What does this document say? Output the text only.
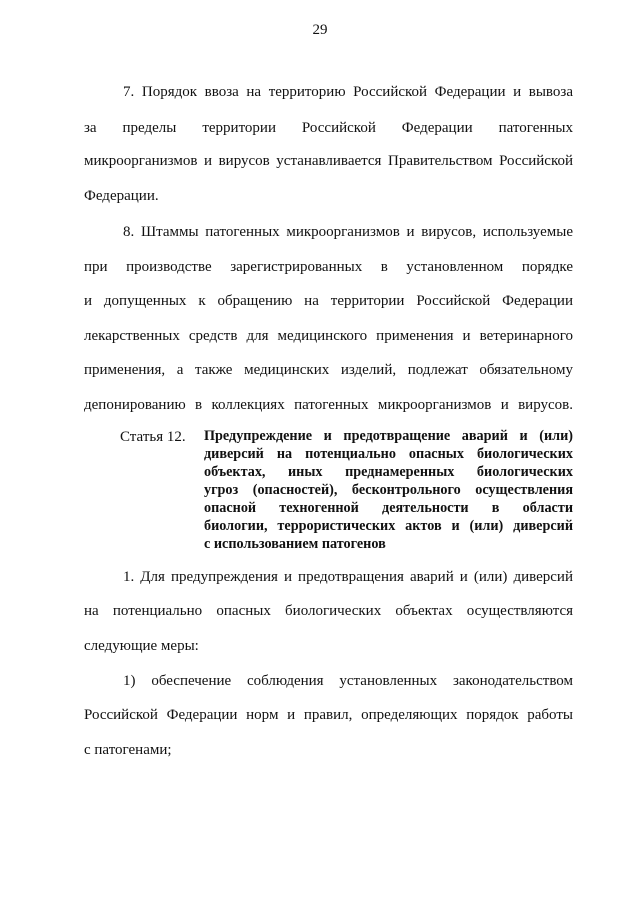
29
7. Порядок ввоза на территорию Российской Федерации и вывоза
за пределы территории Российской Федерации патогенных
микроорганизмов и вирусов устанавливается Правительством Российской
Федерации.
8. Штаммы патогенных микроорганизмов и вирусов, используемые
при производстве зарегистрированных в установленном порядке
и допущенных к обращению на территории Российской Федерации
лекарственных средств для медицинского применения и ветеринарного
применения, а также медицинских изделий, подлежат обязательному
депонированию в коллекциях патогенных микроорганизмов и вирусов.
Статья 12. Предупреждение и предотвращение аварий и (или)
диверсий на потенциально опасных биологических
объектах, иных преднамеренных биологических
угроз (опасностей), бесконтрольного осуществления
опасной техногенной деятельности в области
биологии, террористических актов и (или) диверсий
с использованием патогенов
1. Для предупреждения и предотвращения аварий и (или) диверсий
на потенциально опасных биологических объектах осуществляются
следующие меры:
1) обеспечение соблюдения установленных законодательством
Российской Федерации норм и правил, определяющих порядок работы
с патогенами;
